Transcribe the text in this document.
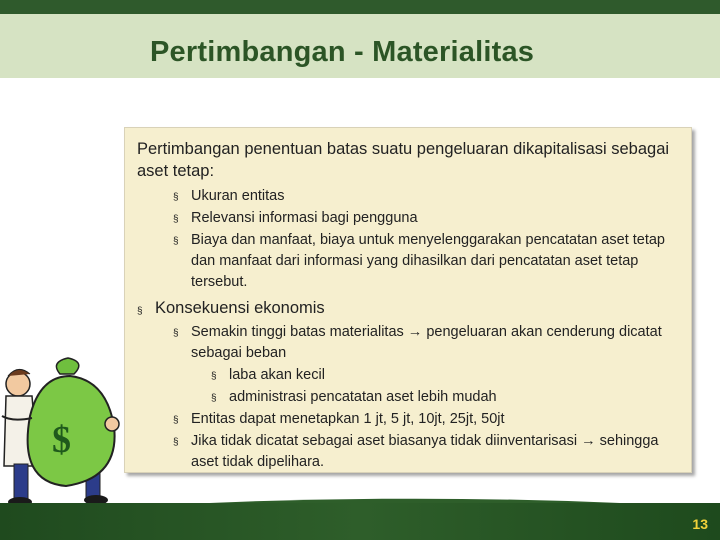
Pertimbangan - Materialitas
Pertimbangan penentuan batas suatu pengeluaran dikapitalisasi sebagai aset tetap:
§ Ukuran entitas
§ Relevansi informasi bagi pengguna
§ Biaya dan manfaat, biaya untuk menyelenggarakan pencatatan aset tetap dan manfaat dari informasi yang dihasilkan dari pencatatan aset tetap tersebut.
§ Konsekuensi ekonomis
§ Semakin tinggi batas materialitas → pengeluaran akan cenderung dicatat sebagai beban
§ laba akan kecil
§ administrasi pencatatan aset lebih mudah
§ Entitas dapat menetapkan 1 jt, 5 jt, 10jt, 25jt, 50jt
§ Jika tidak dicatat sebagai aset biasanya tidak diinventarisasi → sehingga aset tidak dipelihara.
$
13
